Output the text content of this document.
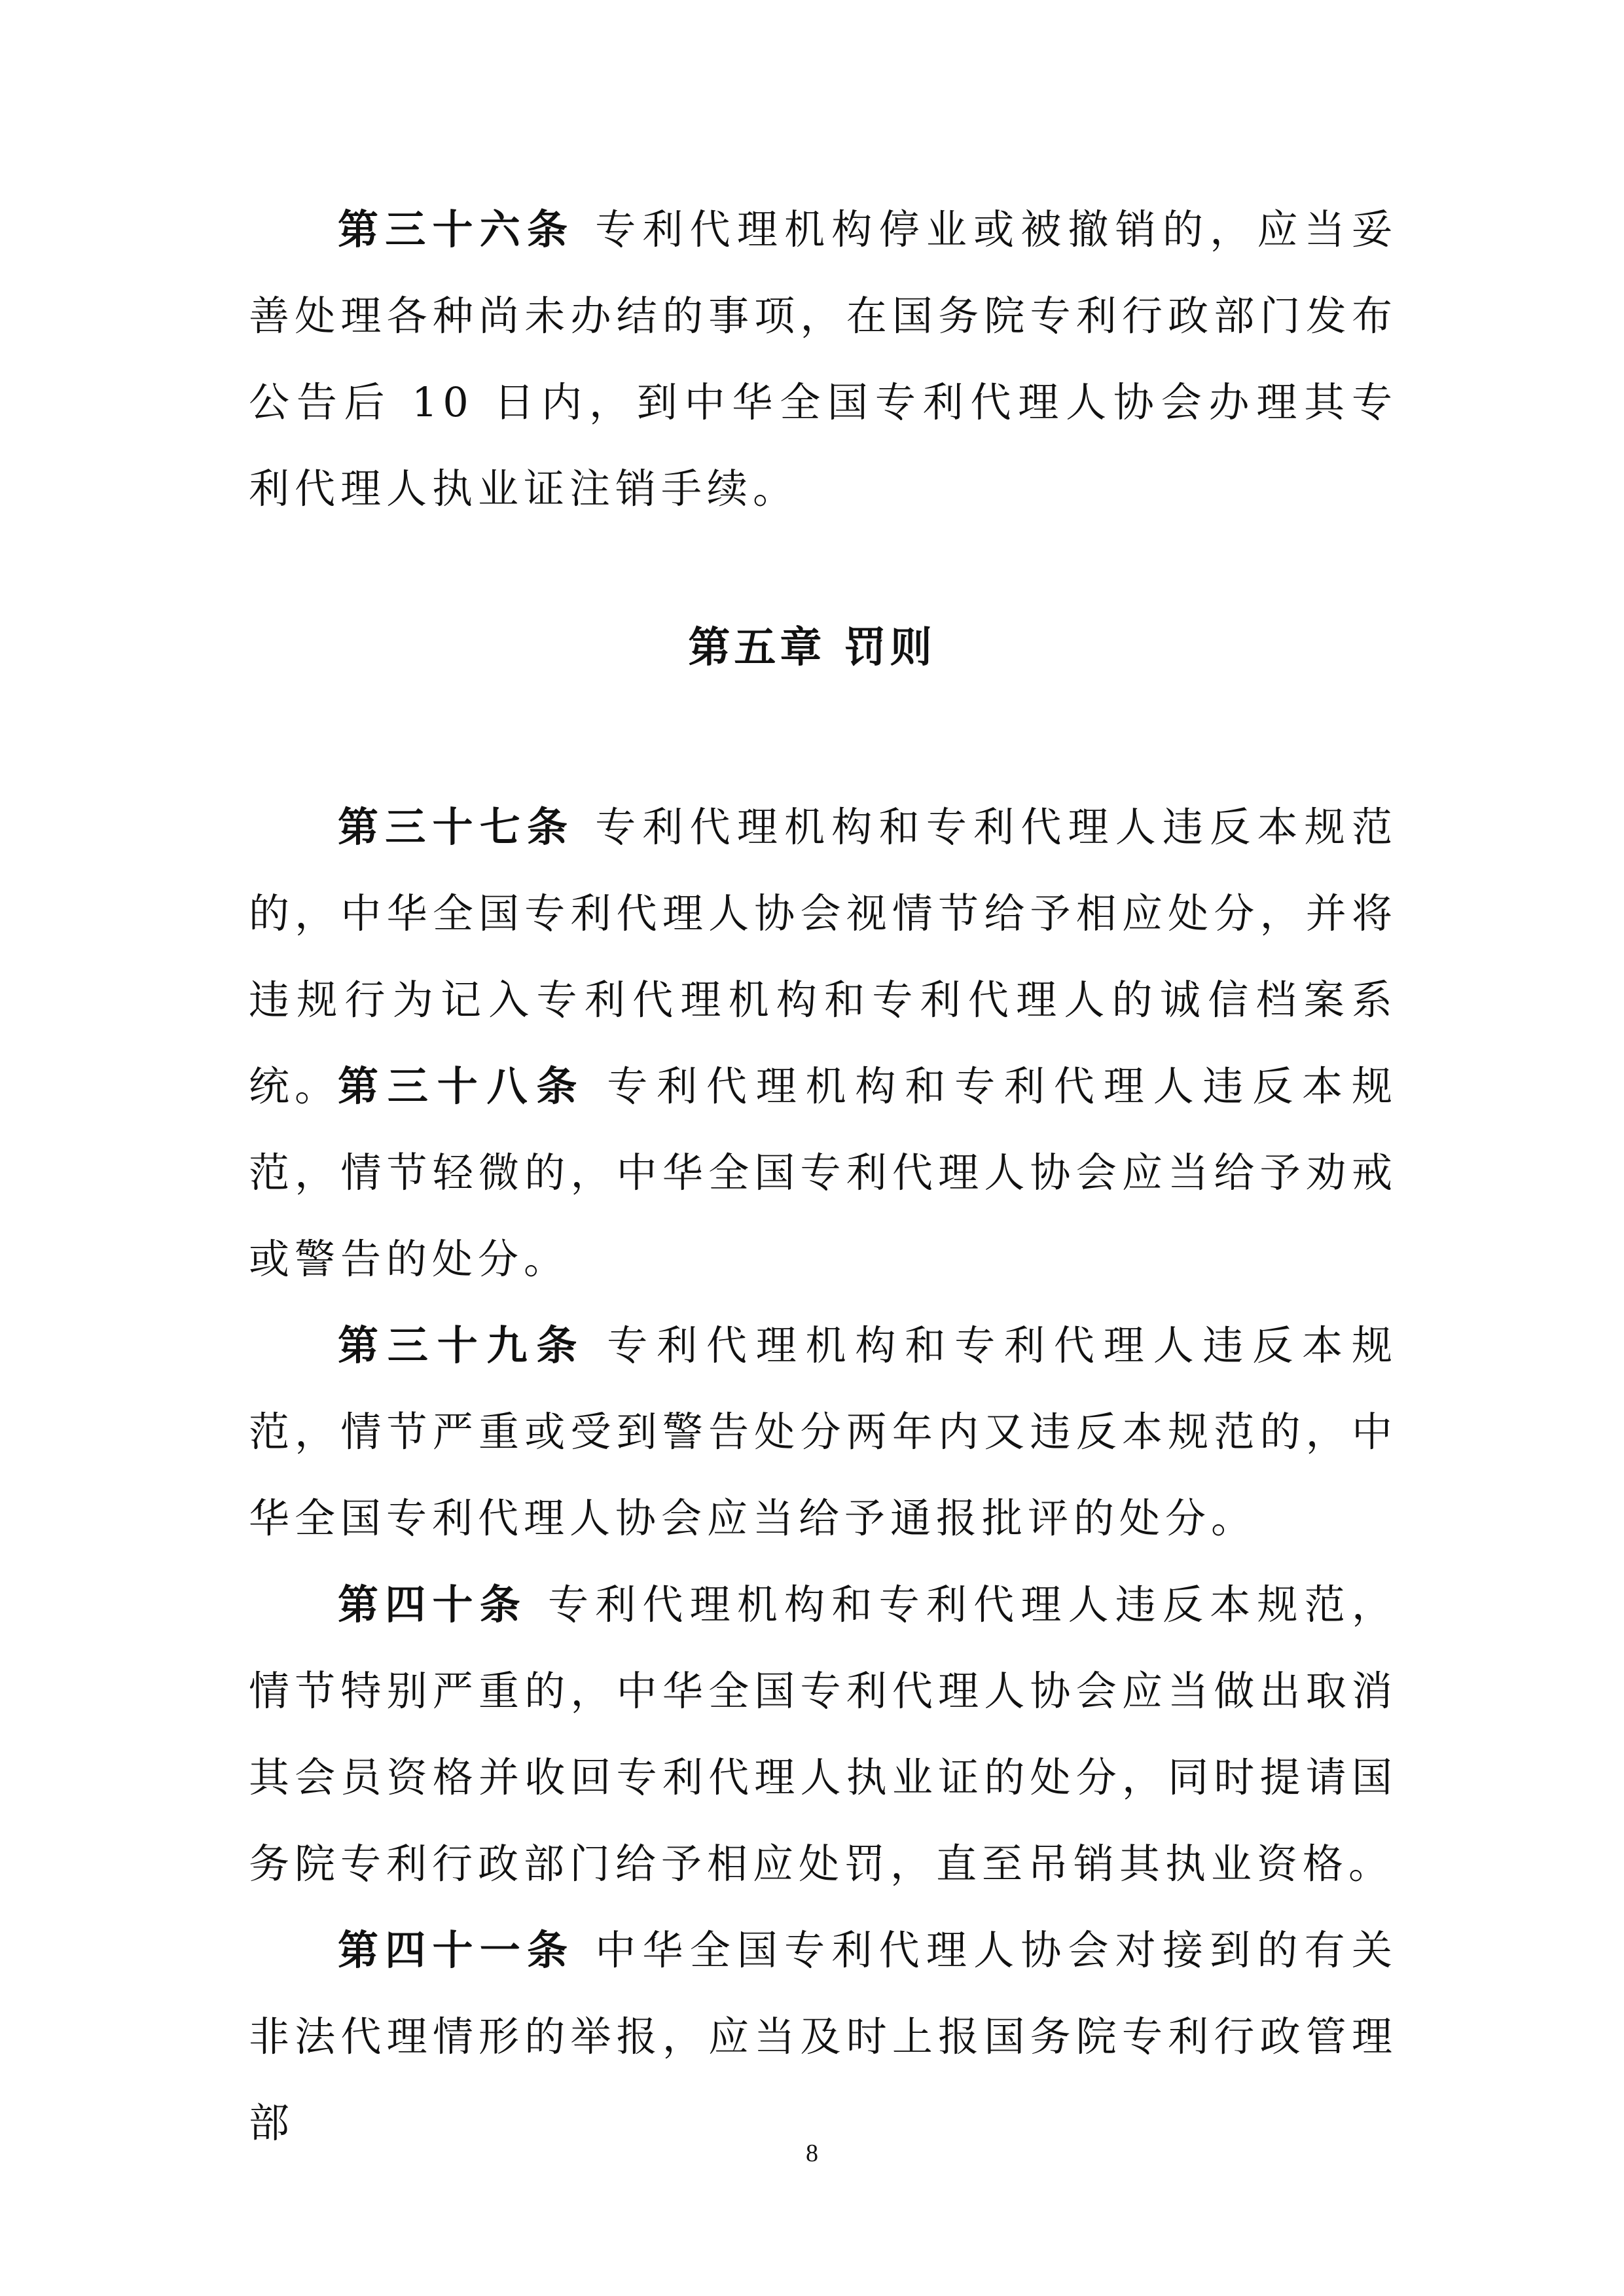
第三十六条 专利代理机构停业或被撤销的，应当妥善处理各种尚未办结的事项，在国务院专利行政部门发布公告后 10 日内，到中华全国专利代理人协会办理其专利代理人执业证注销手续。

第五章 罚则

第三十七条 专利代理机构和专利代理人违反本规范的，中华全国专利代理人协会视情节给予相应处分，并将违规行为记入专利代理机构和专利代理人的诚信档案系统。

第三十八条 专利代理机构和专利代理人违反本规范，情节轻微的，中华全国专利代理人协会应当给予劝戒或警告的处分。

第三十九条 专利代理机构和专利代理人违反本规范，情节严重或受到警告处分两年内又违反本规范的，中华全国专利代理人协会应当给予通报批评的处分。

第四十条 专利代理机构和专利代理人违反本规范，情节特别严重的，中华全国专利代理人协会应当做出取消其会员资格并收回专利代理人执业证的处分，同时提请国务院专利行政部门给予相应处罚，直至吊销其执业资格。

第四十一条 中华全国专利代理人协会对接到的有关非法代理情形的举报，应当及时上报国务院专利行政管理部

8
